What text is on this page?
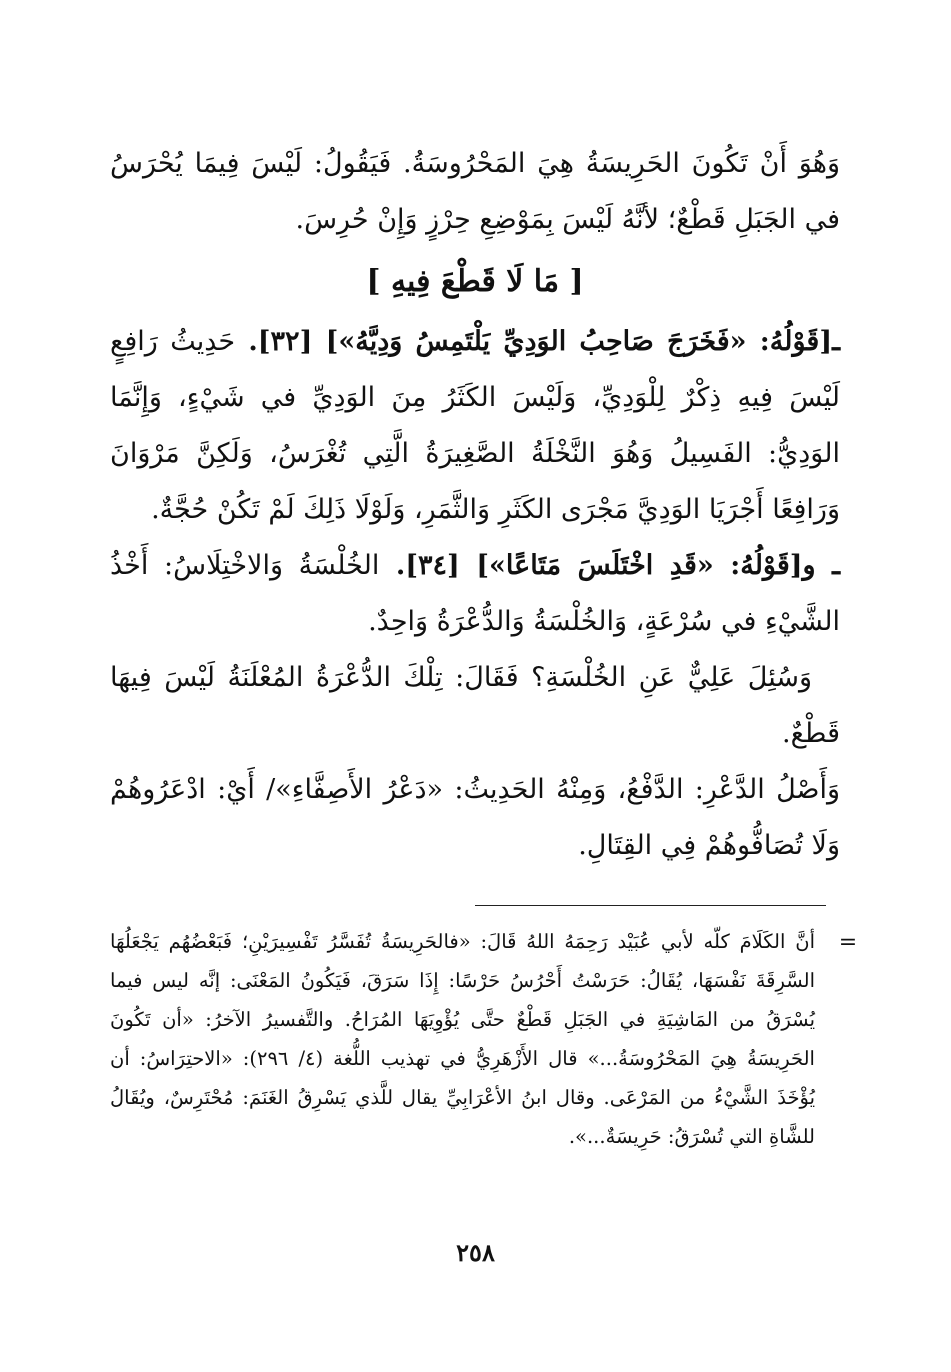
وَهُوَ أَنْ تَكُونَ الحَرِيسَةُ هِيَ المَحْرُوسَةُ. فَيَقُولُ: لَيْسَ فِيمَا يُحْرَسُ في الجَبَلِ قَطْعٌ؛ لأنَّهُ لَيْسَ بِمَوْضِعِ حِرْزٍ وَإِنْ حُرِسَ.

[ مَا لَا قَطْعَ فِيهِ ]

ـ[قَوْلُهُ: «فَخَرَجَ صَاحِبُ الوَدِيِّ يَلْتَمِسُ وَدِيَّهُ»] [٣٢]. حَدِيثُ رَافِعٍ لَيْسَ فِيهِ ذِكْرٌ لِلْوَدِيِّ، وَلَيْسَ الكَثَرُ مِنَ الوَدِيِّ في شَيْءٍ، وَإِنَّمَا الوَدِيُّ: الفَسِيلُ وَهُوَ النَّخْلَةُ الصَّغِيرَةُ الَّتِي تُغْرَسُ، وَلَكِنَّ مَرْوَانَ وَرَافِعًا أَجْرَيَا الوَدِيَّ مَجْرَى الكَثَرِ وَالثَّمَرِ، وَلَوْلَا ذَلِكَ لَمْ تَكُنْ حُجَّةٌ.

ـ و[قَوْلُهُ: «قَدِ اخْتَلَسَ مَتَاعًا»] [٣٤]. الخُلْسَةُ وَالاخْتِلَاسُ: أَخْذُ الشَّيْءِ في سُرْعَةٍ، وَالخُلْسَةُ وَالدُّعْرَةُ وَاحِدٌ.

وَسُئِلَ عَلِيٌّ عَنِ الخُلْسَةِ؟ فَقَالَ: تِلْكَ الدُّعْرَةُ المُعْلَنَةُ لَيْسَ فِيهَا قَطْعٌ.

وَأَصْلُ الدَّعْرِ: الدَّفْعُ، وَمِنْهُ الحَدِيثُ: «دَعْرُ الأَصِفَّاءِ»/ أَيْ: ادْعَرُوهُمْ وَلَا تُصَافُّوهُمْ فِي القِتَالِ.

=

أنَّ الكَلَامَ كلّه لأبي عُبَيْد رَحِمَهُ اللهُ قَالَ: «فالحَرِيسَةُ تُفَسَّرُ تَفْسِيرَيْنِ؛ فَبَعْضُهُم يَجْعَلُهَا السَّرِقَةَ نَفْسَهَا، يُقَالُ: حَرَسْتُ أَحْرُسُ حَرْسًا: إِذَا سَرَقَ، فَيَكُونُ المَعْنَى: إنَّه ليس فيما يُسْرَقُ من المَاشِيَةِ في الجَبَلِ قَطْعٌ حتَّى يُؤْوِيَهَا المُرَاحُ. والتَّفسيرُ الآخرُ: «أن تَكُونَ الحَرِيسَةُ هِيَ المَحْرُوسَةُ...» قال الأَزْهَرِيُّ في تهذيب اللُّغة (٤/ ٢٩٦): «الاحتِرَاسُ: أن يُؤْخَذَ الشَّيْءُ من المَرْعَى. وقال ابنُ الأعْرَابِيِّ يقال للَّذي يَسْرِقُ الغَنَمَ: مُحْتَرِسٌ، ويُقَالُ للشَّاةِ التي تُسْرَقُ: حَرِيسَةٌ...».

٢٥٨
